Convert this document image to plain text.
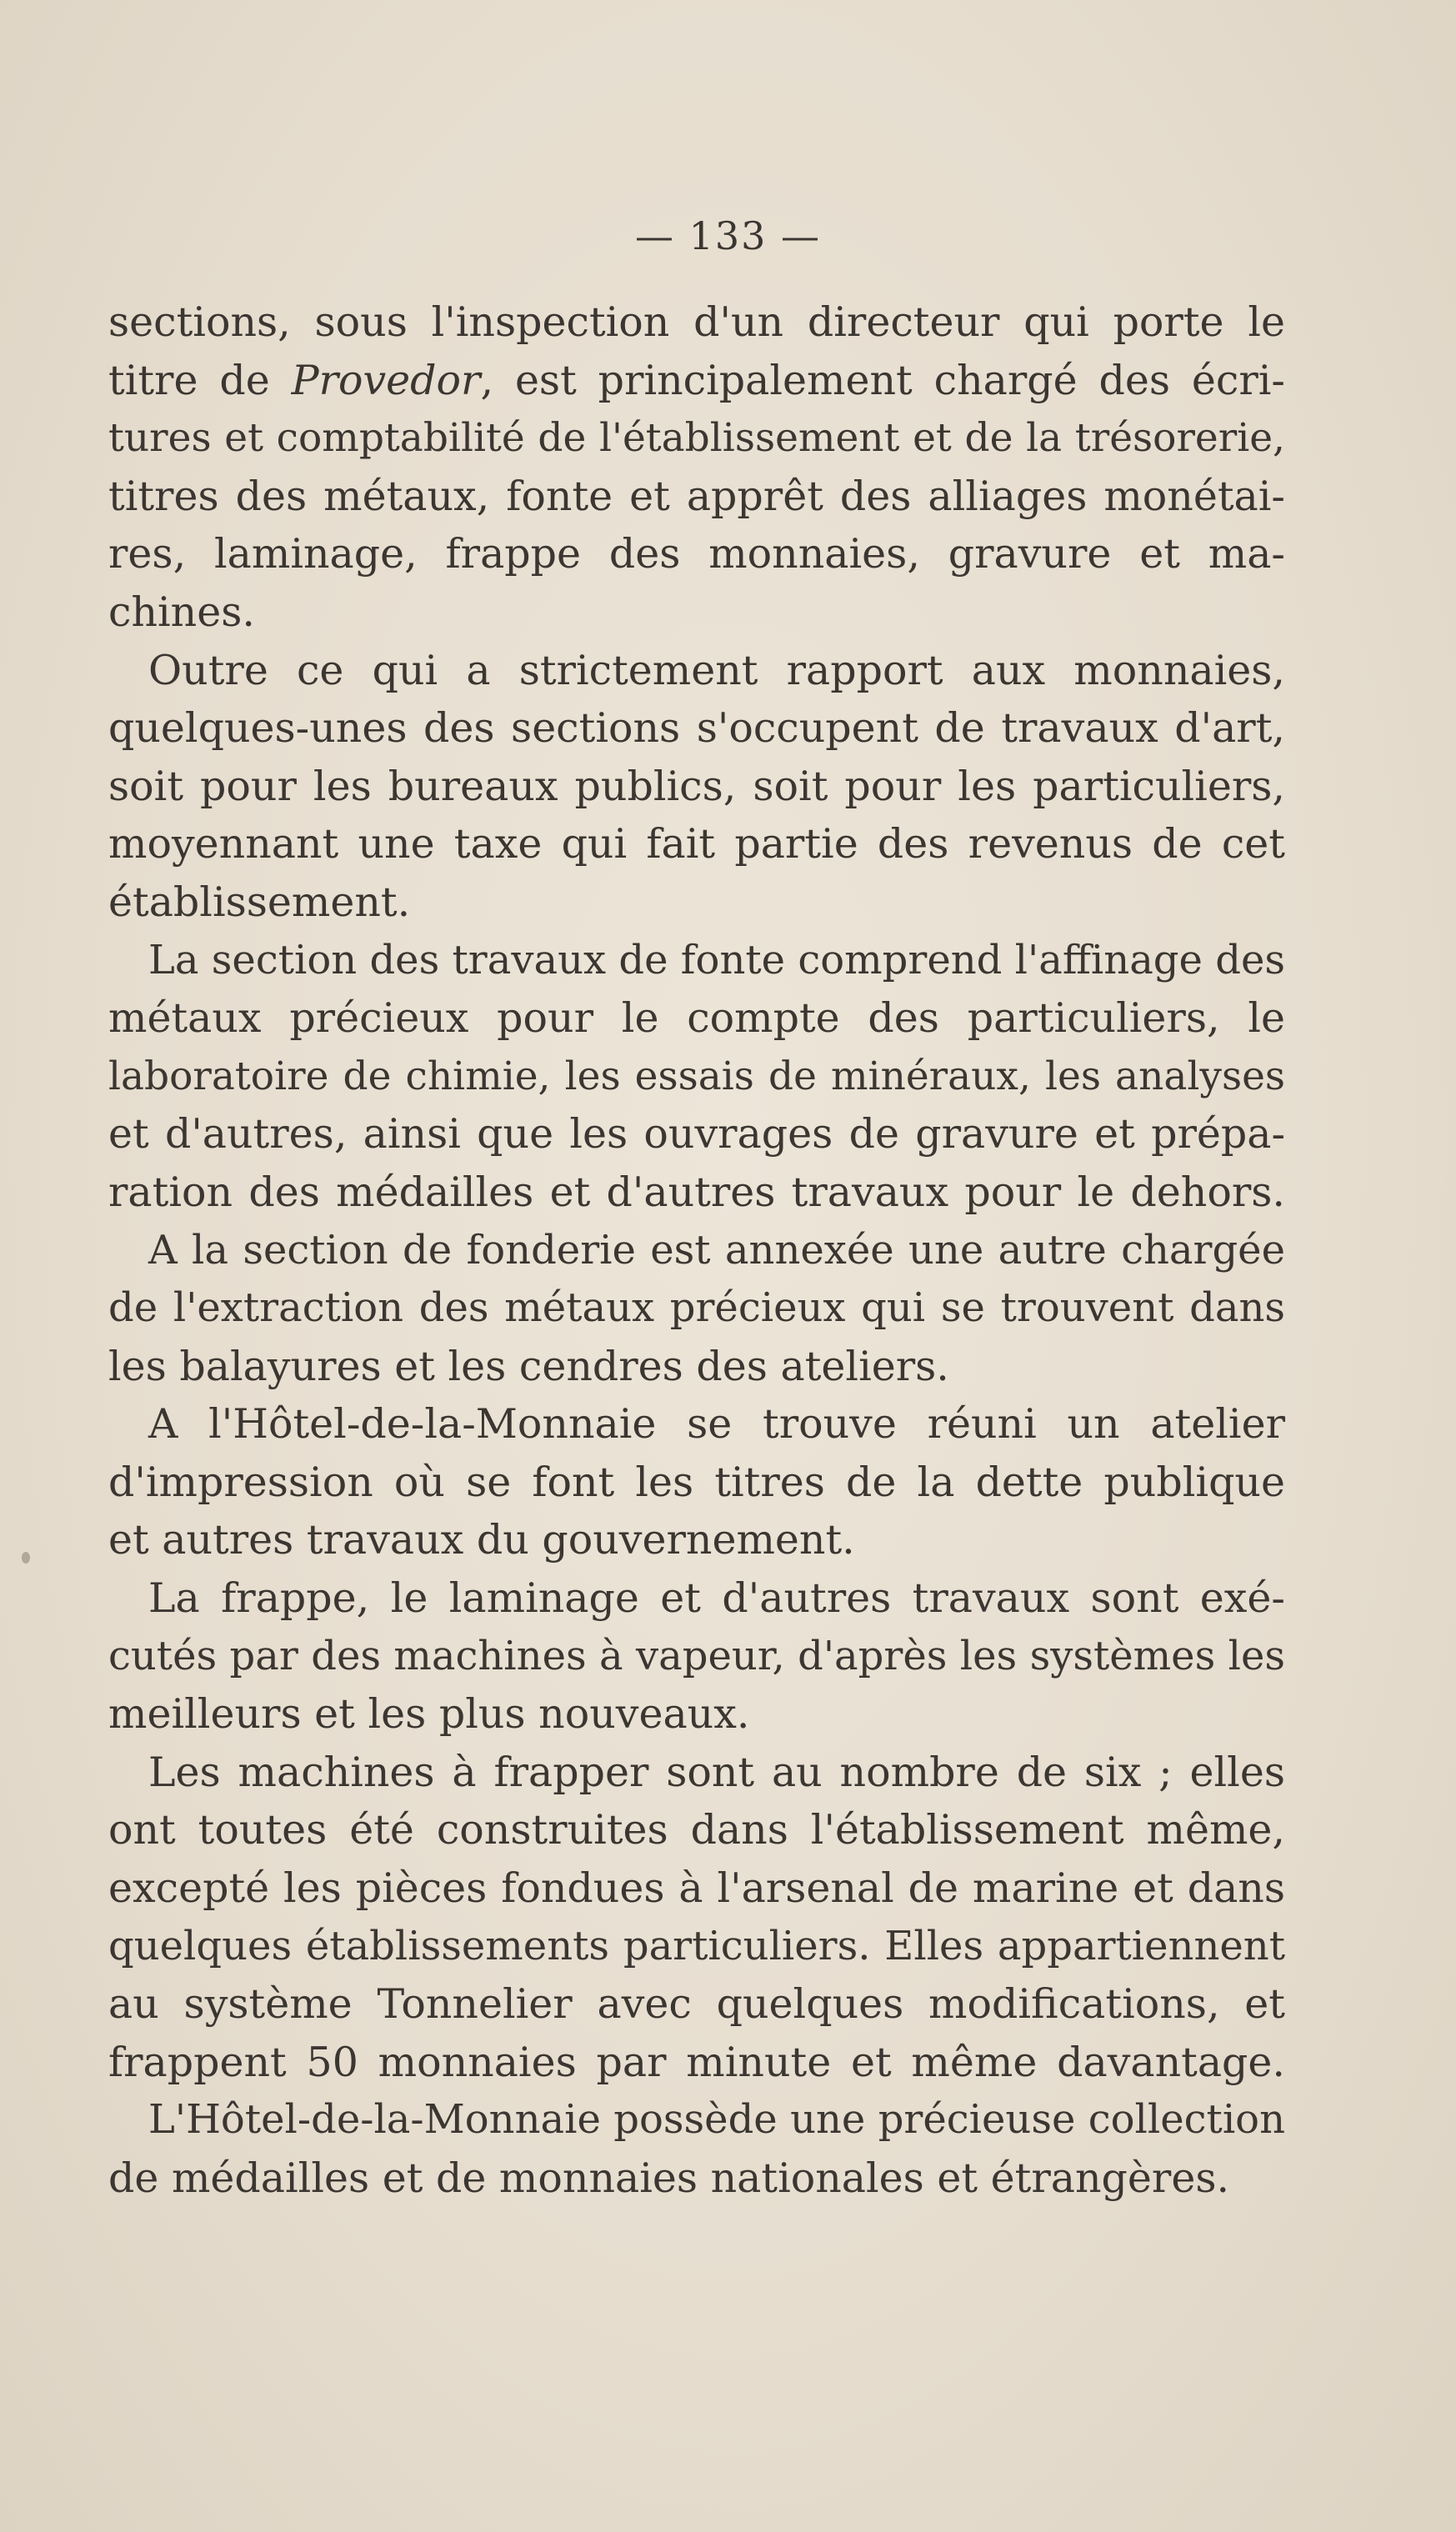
— 133 —
sections, sous l'inspection d'un directeur qui porte le
titre de Provedor, est principalement chargé des écri-
tures et comptabilité de l'établissement et de la trésorerie,
titres des métaux, fonte et apprêt des alliages monétai-
res, laminage, frappe des monnaies, gravure et ma-
chines.
Outre ce qui a strictement rapport aux monnaies,
quelques-unes des sections s'occupent de travaux d'art,
soit pour les bureaux publics, soit pour les particuliers,
moyennant une taxe qui fait partie des revenus de cet
établissement.
La section des travaux de fonte comprend l'affinage des
métaux précieux pour le compte des particuliers, le
laboratoire de chimie, les essais de minéraux, les analyses
et d'autres, ainsi que les ouvrages de gravure et prépa-
ration des médailles et d'autres travaux pour le dehors.
A la section de fonderie est annexée une autre chargée
de l'extraction des métaux précieux qui se trouvent dans
les balayures et les cendres des ateliers.
A l'Hôtel-de-la-Monnaie se trouve réuni un atelier
d'impression où se font les titres de la dette publique
et autres travaux du gouvernement.
La frappe, le laminage et d'autres travaux sont exé-
cutés par des machines à vapeur, d'après les systèmes les
meilleurs et les plus nouveaux.
Les machines à frapper sont au nombre de six ; elles
ont toutes été construites dans l'établissement même,
excepté les pièces fondues à l'arsenal de marine et dans
quelques établissements particuliers. Elles appartiennent
au système Tonnelier avec quelques modifications, et
frappent 50 monnaies par minute et même davantage.
L'Hôtel-de-la-Monnaie possède une précieuse collection
de médailles et de monnaies nationales et étrangères.
